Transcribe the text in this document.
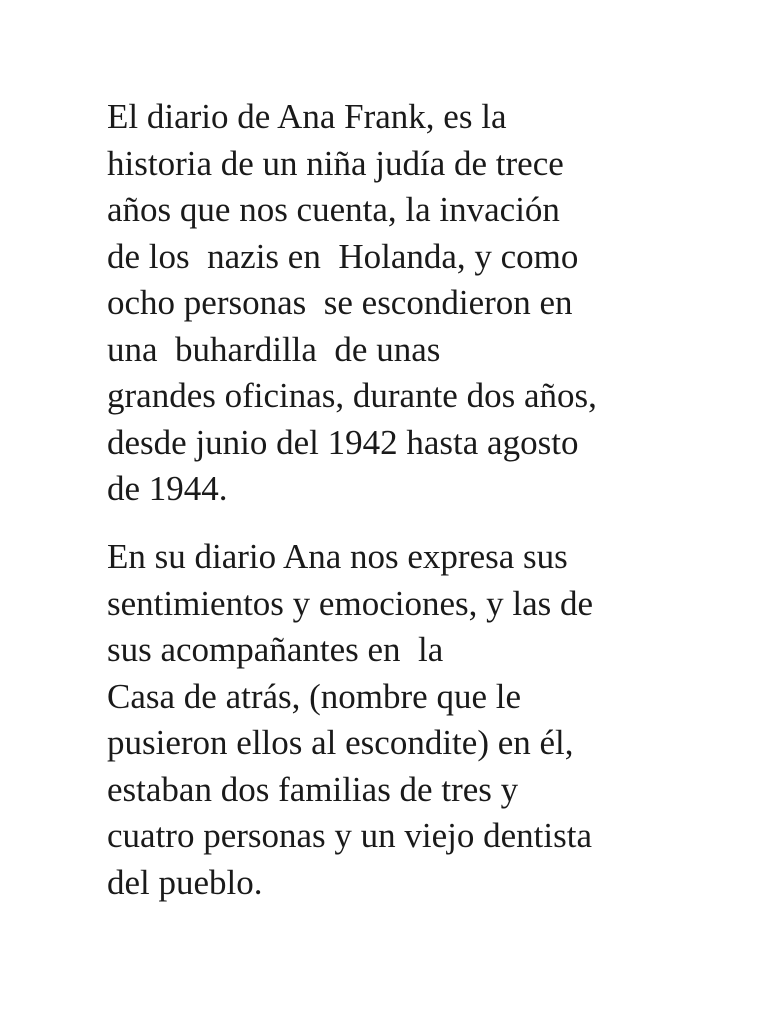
El diario de Ana Frank, es la
historia de un niña judía de trece
años que nos cuenta, la invación
de los  nazis en  Holanda, y como
ocho personas  se escondieron en
una  buhardilla  de unas
grandes oficinas, durante dos años,
desde junio del 1942 hasta agosto
de 1944.
En su diario Ana nos expresa sus
sentimientos y emociones, y las de
sus acompañantes en  la
Casa de atrás, (nombre que le
pusieron ellos al escondite) en él,
estaban dos familias de tres y
cuatro personas y un viejo dentista
del pueblo.
